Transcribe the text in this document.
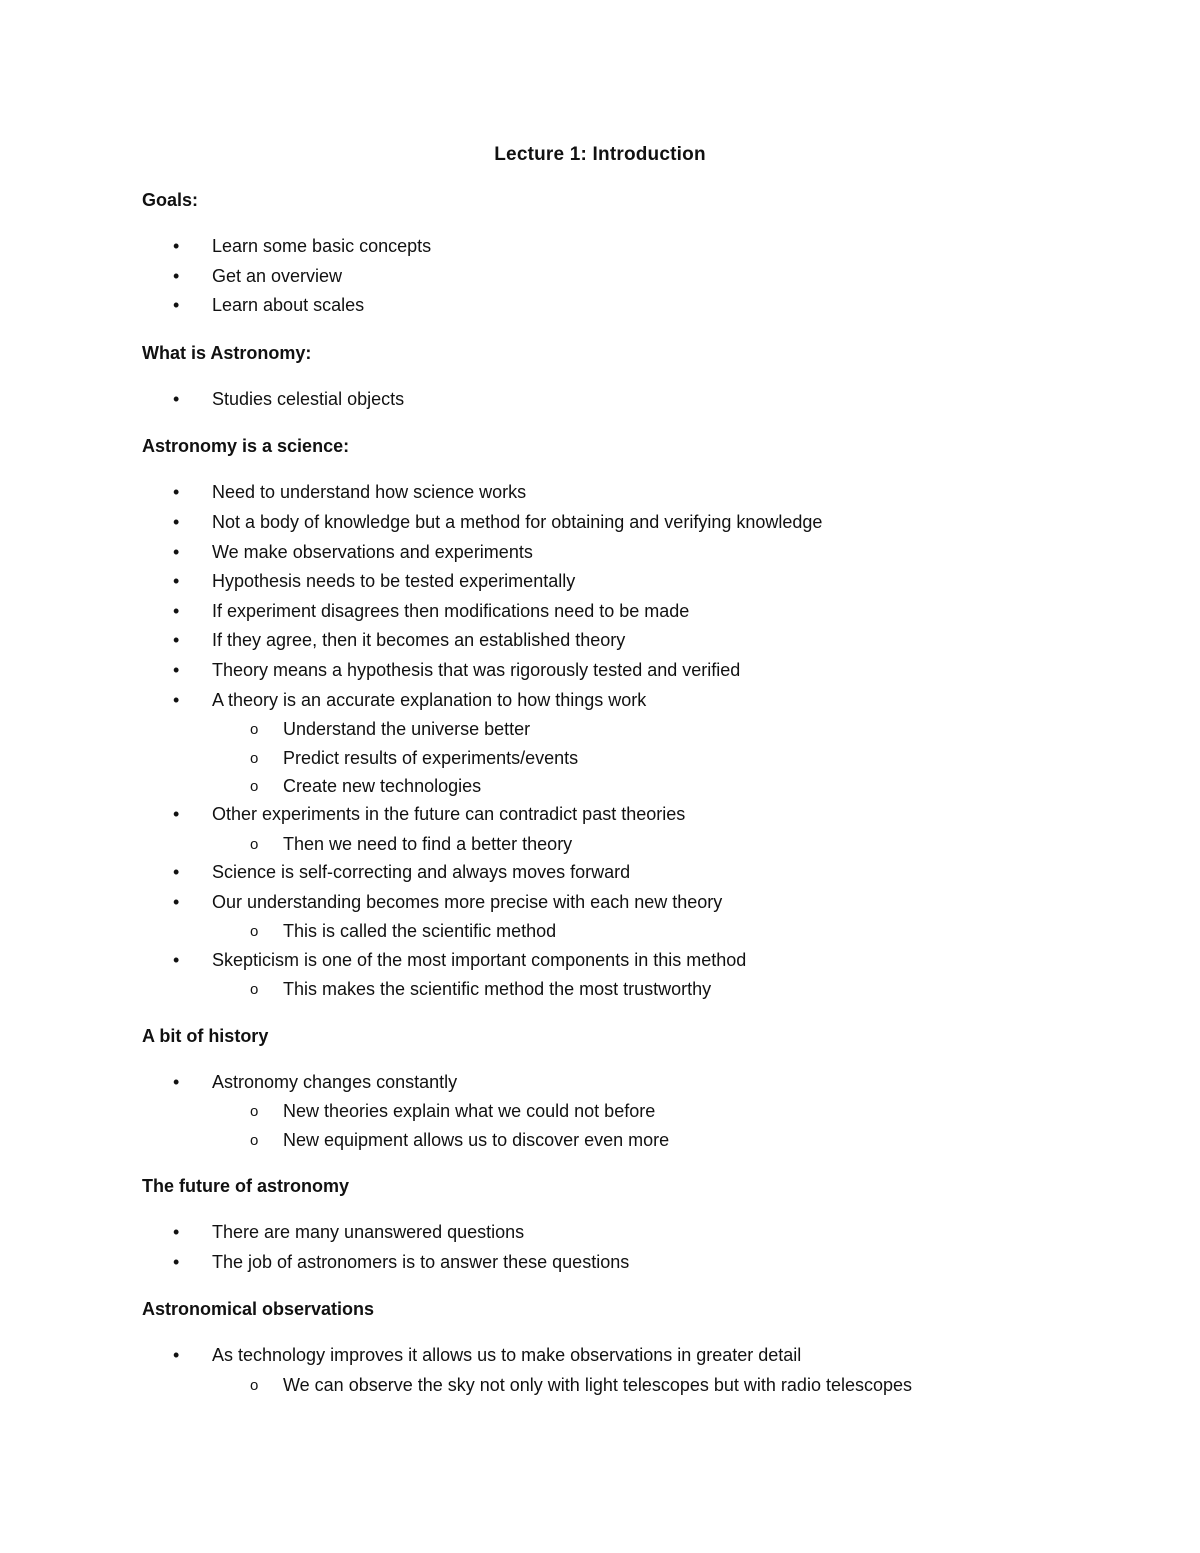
Lecture 1: Introduction
Goals:
• Learn some basic concepts
• Get an overview
• Learn about scales
What is Astronomy:
• Studies celestial objects
Astronomy is a science:
• Need to understand how science works
• Not a body of knowledge but a method for obtaining and verifying knowledge
• We make observations and experiments
• Hypothesis needs to be tested experimentally
• If experiment disagrees then modifications need to be made
• If they agree, then it becomes an established theory
• Theory means a hypothesis that was rigorously tested and verified
• A theory is an accurate explanation to how things work
o Understand the universe better
o Predict results of experiments/events
o Create new technologies
• Other experiments in the future can contradict past theories
o Then we need to find a better theory
• Science is self-correcting and always moves forward
• Our understanding becomes more precise with each new theory
o This is called the scientific method
• Skepticism is one of the most important components in this method
o This makes the scientific method the most trustworthy
A bit of history
• Astronomy changes constantly
o New theories explain what we could not before
o New equipment allows us to discover even more
The future of astronomy
• There are many unanswered questions
• The job of astronomers is to answer these questions
Astronomical observations
• As technology improves it allows us to make observations in greater detail
o We can observe the sky not only with light telescopes but with radio telescopes
